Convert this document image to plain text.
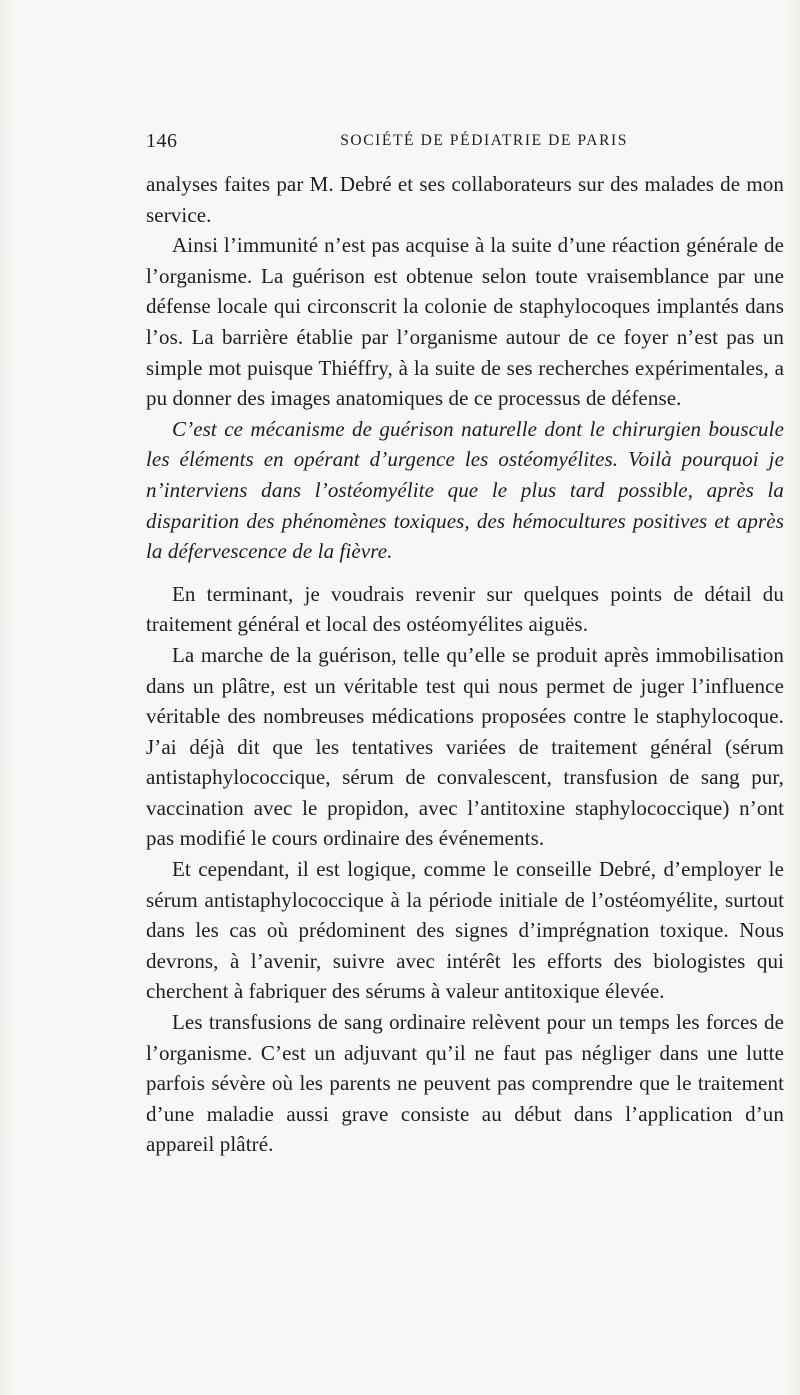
146	SOCIÉTÉ DE PÉDIATRIE DE PARIS

analyses faites par M. Debré et ses collaborateurs sur des malades de mon service.

Ainsi l’immunité n’est pas acquise à la suite d’une réaction générale de l’organisme. La guérison est obtenue selon toute vraisemblance par une défense locale qui circonscrit la colonie de staphylocoques implantés dans l’os. La barrière établie par l’organisme autour de ce foyer n’est pas un simple mot puisque Thiéffry, à la suite de ses recherches expérimentales, a pu donner des images anatomiques de ce processus de défense.

C’est ce mécanisme de guérison naturelle dont le chirurgien bouscule les éléments en opérant d’urgence les ostéomyélites. Voilà pourquoi je n’interviens dans l’ostéomyélite que le plus tard possible, après la disparition des phénomènes toxiques, des hémocultures positives et après la défervescence de la fièvre.

En terminant, je voudrais revenir sur quelques points de détail du traitement général et local des ostéomyélites aiguës.

La marche de la guérison, telle qu’elle se produit après immobilisation dans un plâtre, est un véritable test qui nous permet de juger l’influence véritable des nombreuses médications proposées contre le staphylocoque. J’ai déjà dit que les tentatives variées de traitement général (sérum antistaphylococcique, sérum de convalescent, transfusion de sang pur, vaccination avec le propidon, avec l’antitoxine staphylococcique) n’ont pas modifié le cours ordinaire des événements.

Et cependant, il est logique, comme le conseille Debré, d’employer le sérum antistaphylococcique à la période initiale de l’ostéomyélite, surtout dans les cas où prédominent des signes d’imprégnation toxique. Nous devrons, à l’avenir, suivre avec intérêt les efforts des biologistes qui cherchent à fabriquer des sérums à valeur antitoxique élevée.

Les transfusions de sang ordinaire relèvent pour un temps les forces de l’organisme. C’est un adjuvant qu’il ne faut pas négliger dans une lutte parfois sévère où les parents ne peuvent pas comprendre que le traitement d’une maladie aussi grave consiste au début dans l’application d’un appareil plâtré.
